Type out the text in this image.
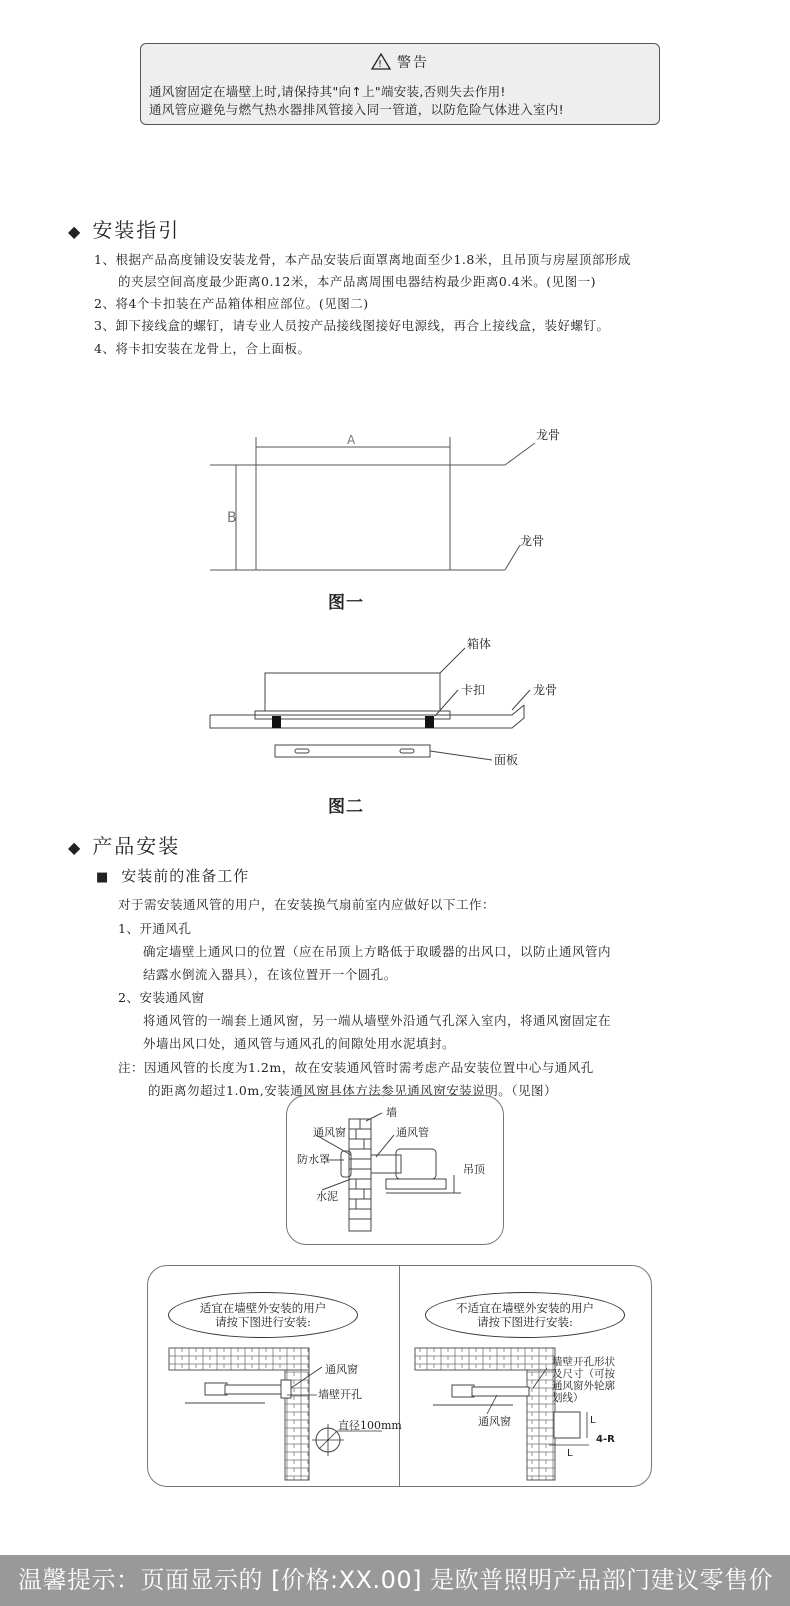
! 警告
通风窗固定在墙壁上时,请保持其"向↑上"端安装,否则失去作用!
通风管应避免与燃气热水器排风管接入同一管道，以防危险气体进入室内!
◆ 安装指引
1、根据产品高度铺设安装龙骨，本产品安装后面罩离地面至少1.8米，且吊顶与房屋顶部形成
的夹层空间高度最少距离0.12米，本产品离周围电器结构最少距离0.4米。(见图一)
2、将4个卡扣装在产品箱体相应部位。(见图二)
3、卸下接线盒的螺钉，请专业人员按产品接线图接好电源线，再合上接线盒，装好螺钉。
4、将卡扣安装在龙骨上，合上面板。
A
B
龙骨
龙骨
图一
箱体
卡扣	龙骨
面板
图二
◆ 产品安装
■ 安装前的准备工作
对于需安装通风管的用户，在安装换气扇前室内应做好以下工作：
1、开通风孔
确定墙壁上通风口的位置（应在吊顶上方略低于取暖器的出风口，以防止通风管内
结露水倒流入器具），在该位置开一个圆孔。
2、安装通风窗
将通风管的一端套上通风窗，另一端从墙壁外沿通气孔深入室内，将通风窗固定在
外墙出风口处，通风管与通风孔的间隙处用水泥填封。
注：因通风管的长度为1.2m，故在安装通风管时需考虑产品安装位置中心与通风孔
的距离勿超过1.0m,安装通风窗具体方法参见通风窗安装说明。（见图）
墙
通风窗	通风管
防水罩
吊顶
水泥
适宜在墙壁外安装的用户
请按下图进行安装:
不适宜在墙壁外安装的用户
请按下图进行安装:
通风窗
墙壁开孔
直径100mm
墙壁开孔形状
及尺寸（可按
通风窗外轮廓
划线）
通风窗	L
4-R
L
温馨提示：页面显示的 [价格:XX.00] 是欧普照明产品部门建议零售价
